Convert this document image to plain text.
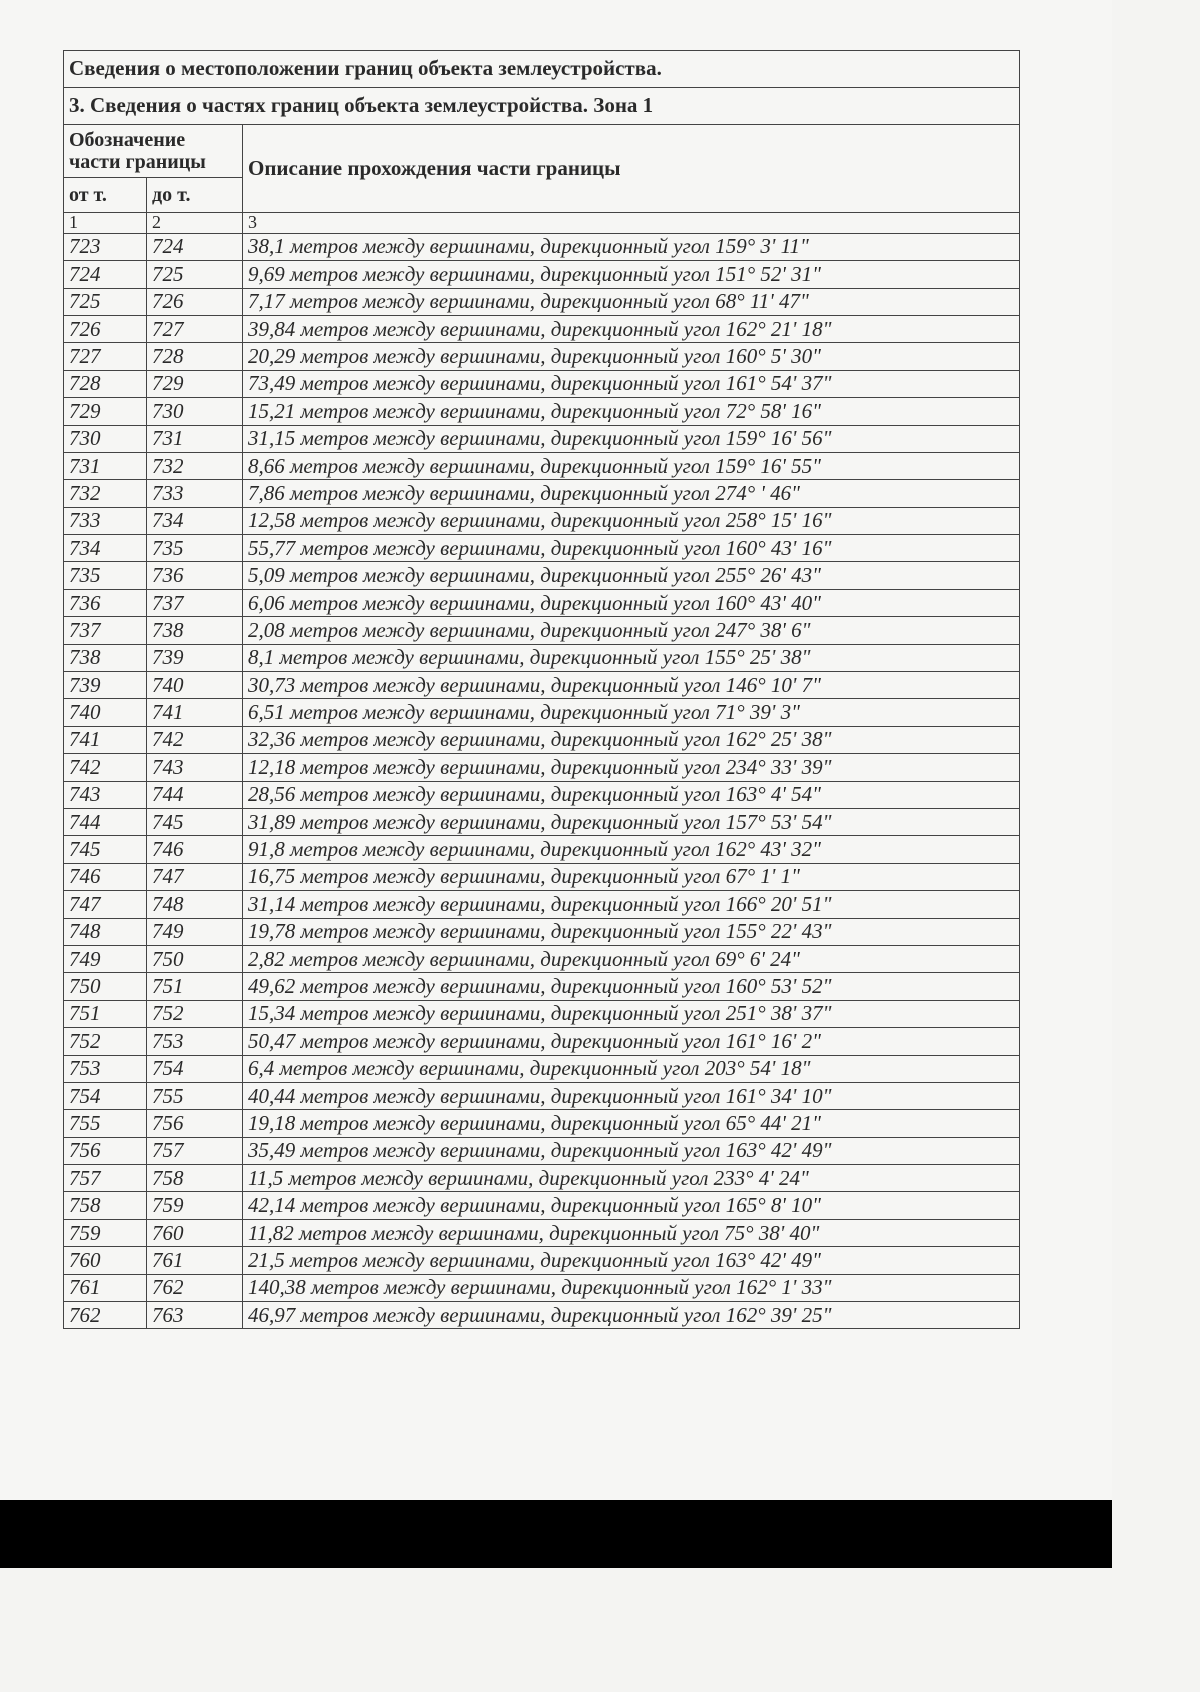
Сведения о местоположении границ объекта землеустройства.		
3. Сведения о частях границ объекта землеустройства. Зона 1		
Обозначение части границы		Описание прохождения части границы
от т.	до т.	
1	2	3
723	724	38,1 метров между вершинами, дирекционный угол 159° 3' 11"
724	725	9,69 метров между вершинами, дирекционный угол 151° 52' 31"
725	726	7,17 метров между вершинами, дирекционный угол 68° 11' 47"
726	727	39,84 метров между вершинами, дирекционный угол 162° 21' 18"
727	728	20,29 метров между вершинами, дирекционный угол 160° 5' 30"
728	729	73,49 метров между вершинами, дирекционный угол 161° 54' 37"
729	730	15,21 метров между вершинами, дирекционный угол 72° 58' 16"
730	731	31,15 метров между вершинами, дирекционный угол 159° 16' 56"
731	732	8,66 метров между вершинами, дирекционный угол 159° 16' 55"
732	733	7,86 метров между вершинами, дирекционный угол 274° ' 46"
733	734	12,58 метров между вершинами, дирекционный угол 258° 15' 16"
734	735	55,77 метров между вершинами, дирекционный угол 160° 43' 16"
735	736	5,09 метров между вершинами, дирекционный угол 255° 26' 43"
736	737	6,06 метров между вершинами, дирекционный угол 160° 43' 40"
737	738	2,08 метров между вершинами, дирекционный угол 247° 38' 6"
738	739	8,1 метров между вершинами, дирекционный угол 155° 25' 38"
739	740	30,73 метров между вершинами, дирекционный угол 146° 10' 7"
740	741	6,51 метров между вершинами, дирекционный угол 71° 39' 3"
741	742	32,36 метров между вершинами, дирекционный угол 162° 25' 38"
742	743	12,18 метров между вершинами, дирекционный угол 234° 33' 39"
743	744	28,56 метров между вершинами, дирекционный угол 163° 4' 54"
744	745	31,89 метров между вершинами, дирекционный угол 157° 53' 54"
745	746	91,8 метров между вершинами, дирекционный угол 162° 43' 32"
746	747	16,75 метров между вершинами, дирекционный угол 67° 1' 1"
747	748	31,14 метров между вершинами, дирекционный угол 166° 20' 51"
748	749	19,78 метров между вершинами, дирекционный угол 155° 22' 43"
749	750	2,82 метров между вершинами, дирекционный угол 69° 6' 24"
750	751	49,62 метров между вершинами, дирекционный угол 160° 53' 52"
751	752	15,34 метров между вершинами, дирекционный угол 251° 38' 37"
752	753	50,47 метров между вершинами, дирекционный угол 161° 16' 2"
753	754	6,4 метров между вершинами, дирекционный угол 203° 54' 18"
754	755	40,44 метров между вершинами, дирекционный угол 161° 34' 10"
755	756	19,18 метров между вершинами, дирекционный угол 65° 44' 21"
756	757	35,49 метров между вершинами, дирекционный угол 163° 42' 49"
757	758	11,5 метров между вершинами, дирекционный угол 233° 4' 24"
758	759	42,14 метров между вершинами, дирекционный угол 165° 8' 10"
759	760	11,82 метров между вершинами, дирекционный угол 75° 38' 40"
760	761	21,5 метров между вершинами, дирекционный угол 163° 42' 49"
761	762	140,38 метров между вершинами, дирекционный угол 162° 1' 33"
762	763	46,97 метров между вершинами, дирекционный угол 162° 39' 25"
